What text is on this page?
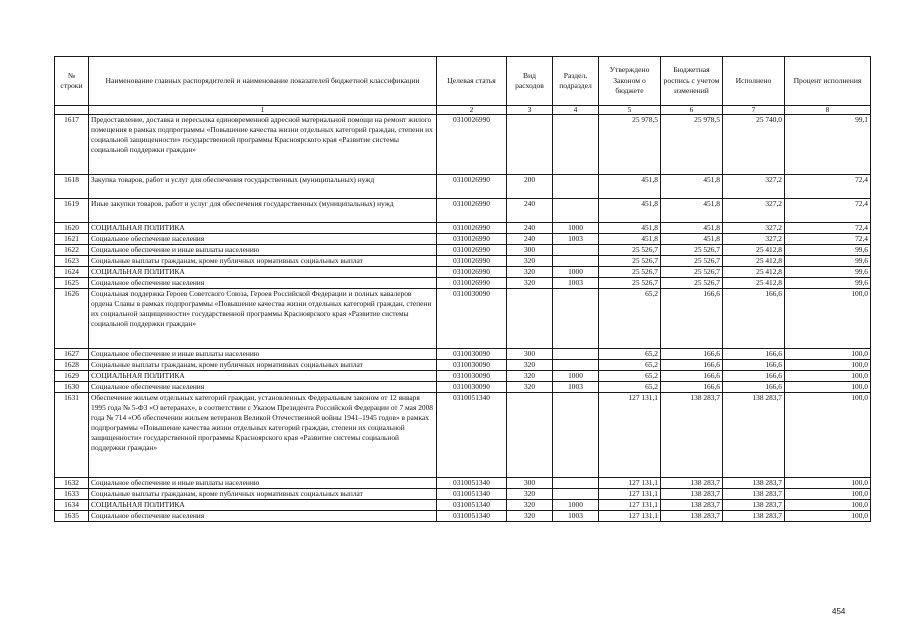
№ строки	Наименование главных распорядителей и наименование показателей бюджетной классификации	Целевая статья	Вид расходов	Раздел, подраздел	Утверждено Законом о бюджете	Бюджетная роспись с учетом изменений	Исполнено	Процент исполнения
	1	2	3	4	5	6	7	8
1617	Предоставление, доставка и пересылка единовременной адресной материальной помощи на ремонт жилого помещения в рамках подпрограммы «Повышение качества жизни отдельных категорий граждан, степени их социальной защищенности» государственной программы Красноярского края «Развитие системы социальной поддержки граждан»	0310026990			25 978,5	25 978,5	25 740,0	99,1
1618	Закупка товаров, работ и услуг для обеспечения государственных (муниципальных) нужд	0310026990	200		451,8	451,8	327,2	72,4
1619	Иные закупки товаров, работ и услуг для обеспечения государственных (муниципальных) нужд	0310026990	240		451,8	451,8	327,2	72,4
1620	СОЦИАЛЬНАЯ ПОЛИТИКА	0310026990	240	1000	451,8	451,8	327,2	72,4
1621	Социальное обеспечение населения	0310026990	240	1003	451,8	451,8	327,2	72,4
1622	Социальное обеспечение и иные выплаты населению	0310026990	300		25 526,7	25 526,7	25 412,8	99,6
1623	Социальные выплаты гражданам, кроме публичных нормативных социальных выплат	0310026990	320		25 526,7	25 526,7	25 412,8	99,6
1624	СОЦИАЛЬНАЯ ПОЛИТИКА	0310026990	320	1000	25 526,7	25 526,7	25 412,8	99,6
1625	Социальное обеспечение населения	0310026990	320	1003	25 526,7	25 526,7	25 412,8	99,6
1626	Социальная поддержка Героев Советского Союза, Героев Российской Федерации и полных кавалеров ордена Славы в рамках подпрограммы «Повышение качества жизни отдельных категорий граждан, степени их социальной защищенности» государственной программы Красноярского края «Развитие системы социальной поддержки граждан»	0310030090			65,2	166,6	166,6	100,0
1627	Социальное обеспечение и иные выплаты населению	0310030090	300		65,2	166,6	166,6	100,0
1628	Социальные выплаты гражданам, кроме публичных нормативных социальных выплат	0310030090	320		65,2	166,6	166,6	100,0
1629	СОЦИАЛЬНАЯ ПОЛИТИКА	0310030090	320	1000	65,2	166,6	166,6	100,0
1630	Социальное обеспечение населения	0310030090	320	1003	65,2	166,6	166,6	100,0
1631	Обеспечение жильем отдельных категорий граждан, установленных Федеральным законом от 12 января 1995 года № 5-ФЗ «О ветеранах», в соответствии с Указом Президента Российской Федерации от 7 мая 2008 года № 714 «Об обеспечении жильем ветеранов Великой Отечественной войны 1941–1945 годов» в рамках подпрограммы «Повышение качества жизни отдельных категорий граждан, степени их социальной защищенности» государственной программы Красноярского края «Развитие системы социальной поддержки граждан»	0310051340			127 131,1	138 283,7	138 283,7	100,0
1632	Социальное обеспечение и иные выплаты населению	0310051340	300		127 131,1	138 283,7	138 283,7	100,0
1633	Социальные выплаты гражданам, кроме публичных нормативных социальных выплат	0310051340	320		127 131,1	138 283,7	138 283,7	100,0
1634	СОЦИАЛЬНАЯ ПОЛИТИКА	0310051340	320	1000	127 131,1	138 283,7	138 283,7	100,0
1635	Социальное обеспечение населения	0310051340	320	1003	127 131,1	138 283,7	138 283,7	100,0
454
